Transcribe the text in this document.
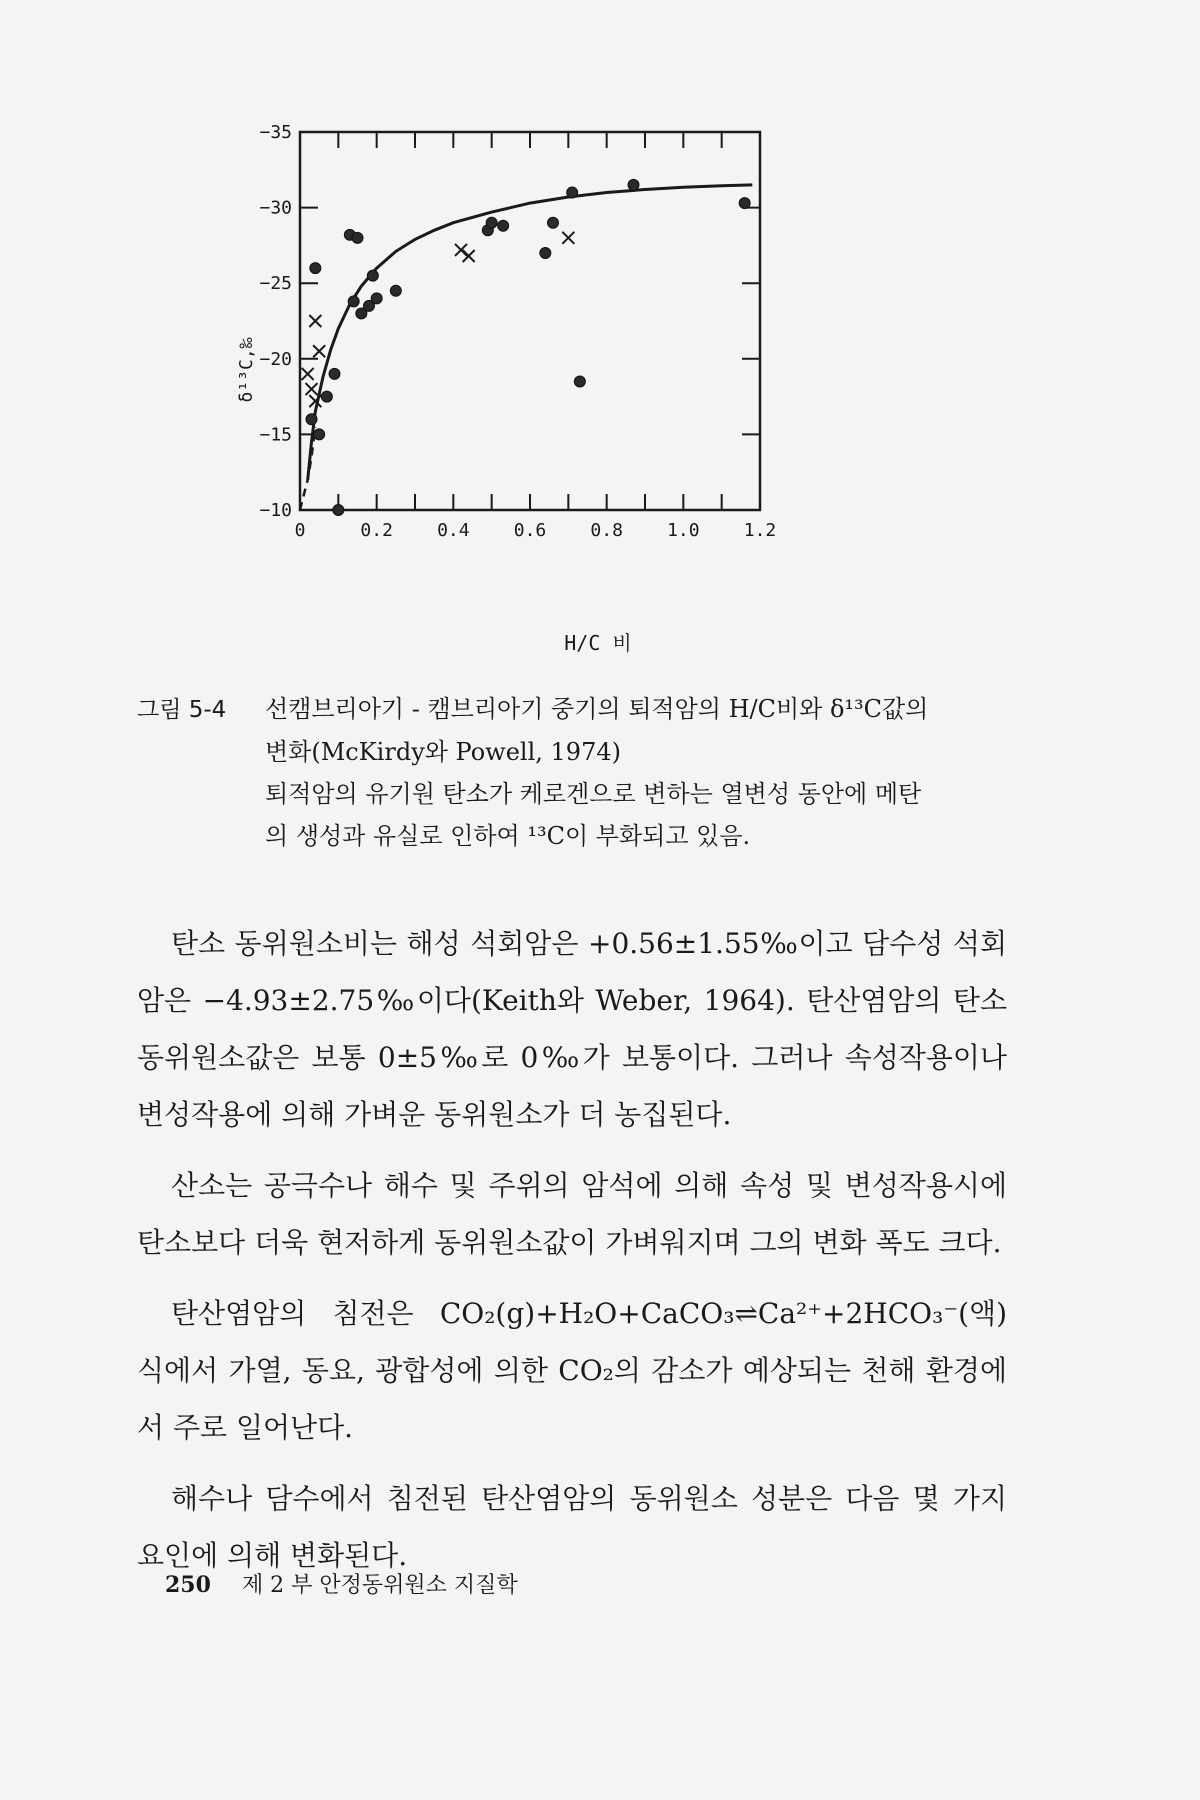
0	0.2 0.4 0.6 0.8 1.0 1.2
−35
−30
−25
−20
−15
−10
δ¹³C,‰
H/C 비
그림 5-4 선캠브리아기 - 캠브리아기 중기의 퇴적암의 H/C비와 δ¹³C값의
변화(McKirdy와 Powell, 1974)
퇴적암의 유기원 탄소가 케로겐으로 변하는 열변성 동안에 메탄
의 생성과 유실로 인하여 ¹³C이 부화되고 있음.

탄소 동위원소비는 해성 석회암은 +0.56±1.55‰이고 담수성 석회암은 −4.93±2.75‰이다(Keith와 Weber, 1964). 탄산염암의 탄소 동위원소값은 보통 0±5‰로 0‰가 보통이다. 그러나 속성작용이나 변성작용에 의해 가벼운 동위원소가 더 농집된다.

산소는 공극수나 해수 및 주위의 암석에 의해 속성 및 변성작용시에 탄소보다 더욱 현저하게 동위원소값이 가벼워지며 그의 변화 폭도 크다.

탄산염암의 침전은 CO₂(g)+H₂O+CaCO₃⇌Ca²⁺+2HCO₃⁻(액) 식에서 가열, 동요, 광합성에 의한 CO₂의 감소가 예상되는 천해 환경에서 주로 일어난다.

해수나 담수에서 침전된 탄산염암의 동위원소 성분은 다음 몇 가지 요인에 의해 변화된다.

250 제 2 부 안정동위원소 지질학
